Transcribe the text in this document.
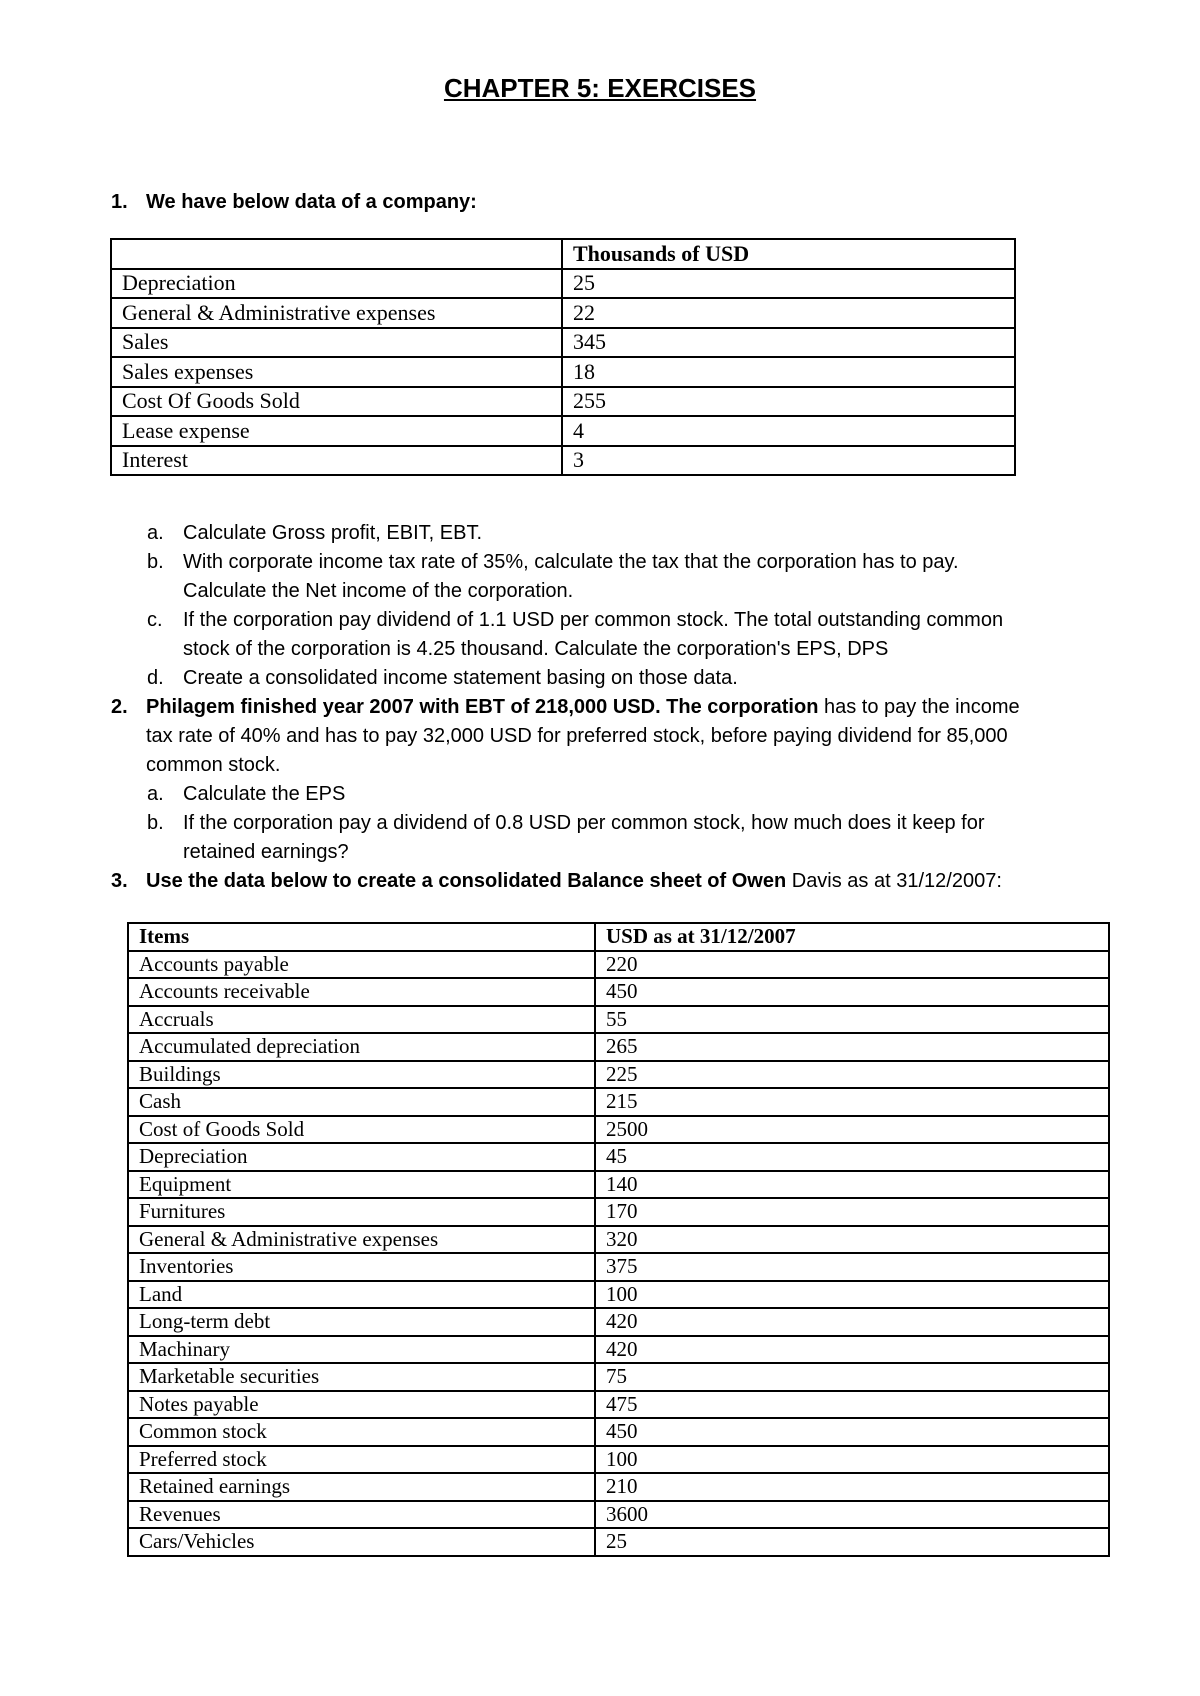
CHAPTER 5: EXERCISES
1. We have below data of a company:
	Thousands of USD
Depreciation	25
General & Administrative expenses	22
Sales	345
Sales expenses	18
Cost Of Goods Sold	255
Lease expense	4
Interest	3
a. Calculate Gross profit, EBIT, EBT.
b. With corporate income tax rate of 35%, calculate the tax that the corporation has to pay.
Calculate the Net income of the corporation.
c. If the corporation pay dividend of 1.1 USD per common stock. The total outstanding common
stock of the corporation is 4.25 thousand. Calculate the corporation's EPS, DPS
d. Create a consolidated income statement basing on those data.
2. Philagem finished year 2007 with EBT of 218,000 USD. The corporation has to pay the income
tax rate of 40% and has to pay 32,000 USD for preferred stock, before paying dividend for 85,000
common stock.
a. Calculate the EPS
b. If the corporation pay a dividend of 0.8 USD per common stock, how much does it keep for
retained earnings?
3. Use the data below to create a consolidated Balance sheet of Owen Davis as at 31/12/2007:
Items	USD as at 31/12/2007
Accounts payable	220
Accounts receivable	450
Accruals	55
Accumulated depreciation	265
Buildings	225
Cash	215
Cost of Goods Sold	2500
Depreciation	45
Equipment	140
Furnitures	170
General & Administrative expenses	320
Inventories	375
Land	100
Long-term debt	420
Machinary	420
Marketable securities	75
Notes payable	475
Common stock	450
Preferred stock	100
Retained earnings	210
Revenues	3600
Cars/Vehicles	25
